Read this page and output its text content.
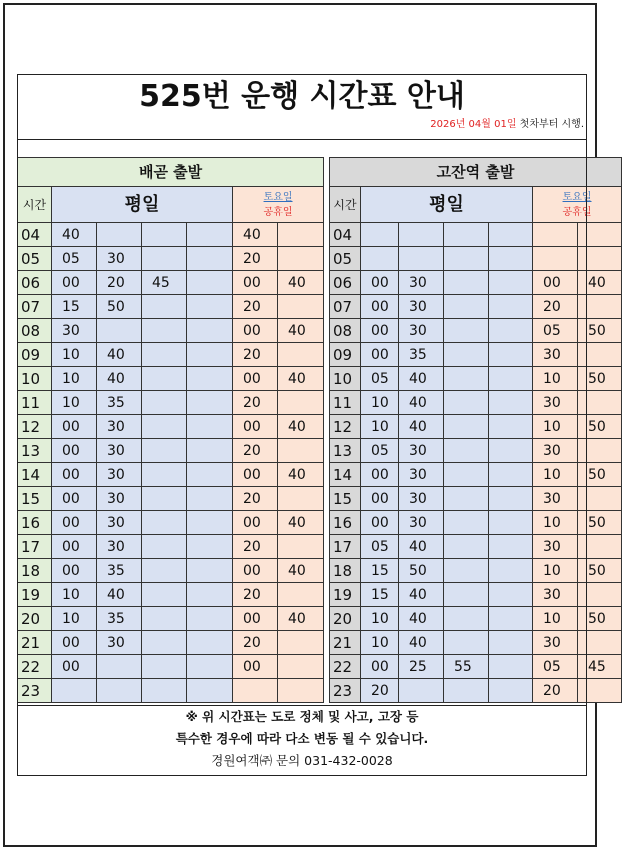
525번 운행 시간표 안내
2026년 04월 01일 첫차부터 시행.
배곧 출발						
시간	평일				토요일
공휴일	
04	40				40	
05	05	30			20	
06	00	20	45		00	40
07	15	50			20	
08	30				00	40
09	10	40			20	
10	10	40			00	40
11	10	35			20	
12	00	30			00	40
13	00	30			20	
14	00	30			00	40
15	00	30			20	
16	00	30			00	40
17	00	30			20	
18	00	35			00	40
19	10	40			20	
20	10	35			00	40
21	00	30			20	
22	00				00	
23						
고잔역 출발						
시간	평일				토요일
공휴일	
04						
05						
06	00	30			00	40
07	00	30			20	
08	00	30			05	50
09	00	35			30	
10	05	40			10	50
11	10	40			30	
12	10	40			10	50
13	05	30			30	
14	00	30			10	50
15	00	30			30	
16	00	30			10	50
17	05	40			30	
18	15	50			10	50
19	15	40			30	
20	10	40			10	50
21	10	40			30	
22	00	25	55		05	45
23	20				20	
※ 위 시간표는 도로 정체 및 사고, 고장 등
특수한 경우에 따라 다소 변동 될 수 있습니다.
경원여객㈜ 문의 031-432-0028
